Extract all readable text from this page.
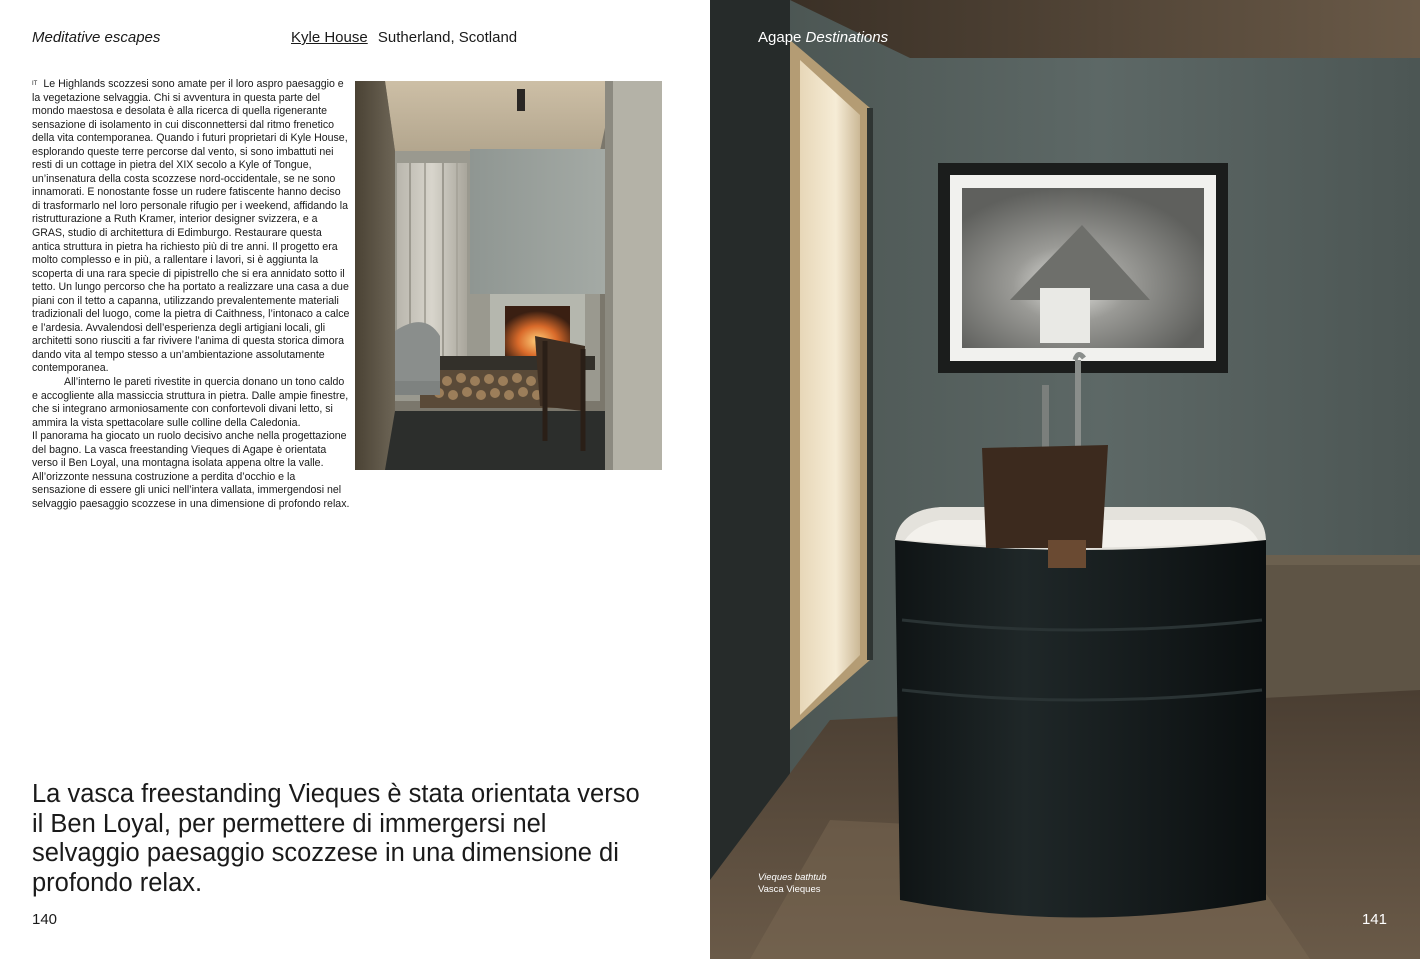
Meditative escapes	Kyle House Sutherland, Scotland

$^{IT}$ Le Highlands scozzesi sono amate per il loro aspro paesaggio e la vegetazione selvaggia. Chi si avventura in questa parte del mondo maestosa e desolata è alla ricerca di quella rigenerante sensazione di isolamento in cui disconnettersi dal ritmo frenetico della vita contemporanea. Quando i futuri proprietari di Kyle House, esplorando queste terre percorse dal vento, si sono imbattuti nei resti di un cottage in pietra del XIX secolo a Kyle of Tongue, un’insenatura della costa scozzese nord-occidentale, se ne sono innamorati. E nonostante fosse un rudere fatiscente hanno deciso di trasformarlo nel loro personale rifugio per i weekend, affidando la ristrutturazione a Ruth Kramer, interior designer svizzera, e a GRAS, studio di architettura di Edimburgo. Restaurare questa antica struttura in pietra ha richiesto più di tre anni. Il progetto era molto complesso e in più, a rallentare i lavori, si è aggiunta la scoperta di una rara specie di pipistrello che si era annidato sotto il tetto. Un lungo percorso che ha portato a realizzare una casa a due piani con il tetto a capanna, utilizzando prevalentemente materiali tradizionali del luogo, come la pietra di Caithness, l’intonaco a calce e l’ardesia. Avvalendosi dell’esperienza degli artigiani locali, gli architetti sono riusciti a far rivivere l’anima di questa storica dimora dando vita al tempo stesso a un’ambientazione assolutamente contemporanea.

All’interno le pareti rivestite in quercia donano un tono caldo e accogliente alla massiccia struttura in pietra. Dalle ampie finestre, che si integrano armoniosamente con confortevoli divani letto, si ammira la vista spettacolare sulle colline della Caledonia.

Il panorama ha giocato un ruolo decisivo anche nella progettazione del bagno. La vasca freestanding Vieques di Agape è orientata verso il Ben Loyal, una montagna isolata appena oltre la valle. All’orizzonte nessuna costruzione a perdita d’occhio e la sensazione di essere gli unici nell’intera vallata, immergendosi nel selvaggio paesaggio scozzese in una dimensione di profondo relax.

La vasca freestanding Vieques è stata orientata verso il Ben Loyal, per permettere di immergersi nel selvaggio paesaggio scozzese in una dimensione di profondo relax.
140
Agape Destinations
Vieques bathtub
Vasca Vieques
141
